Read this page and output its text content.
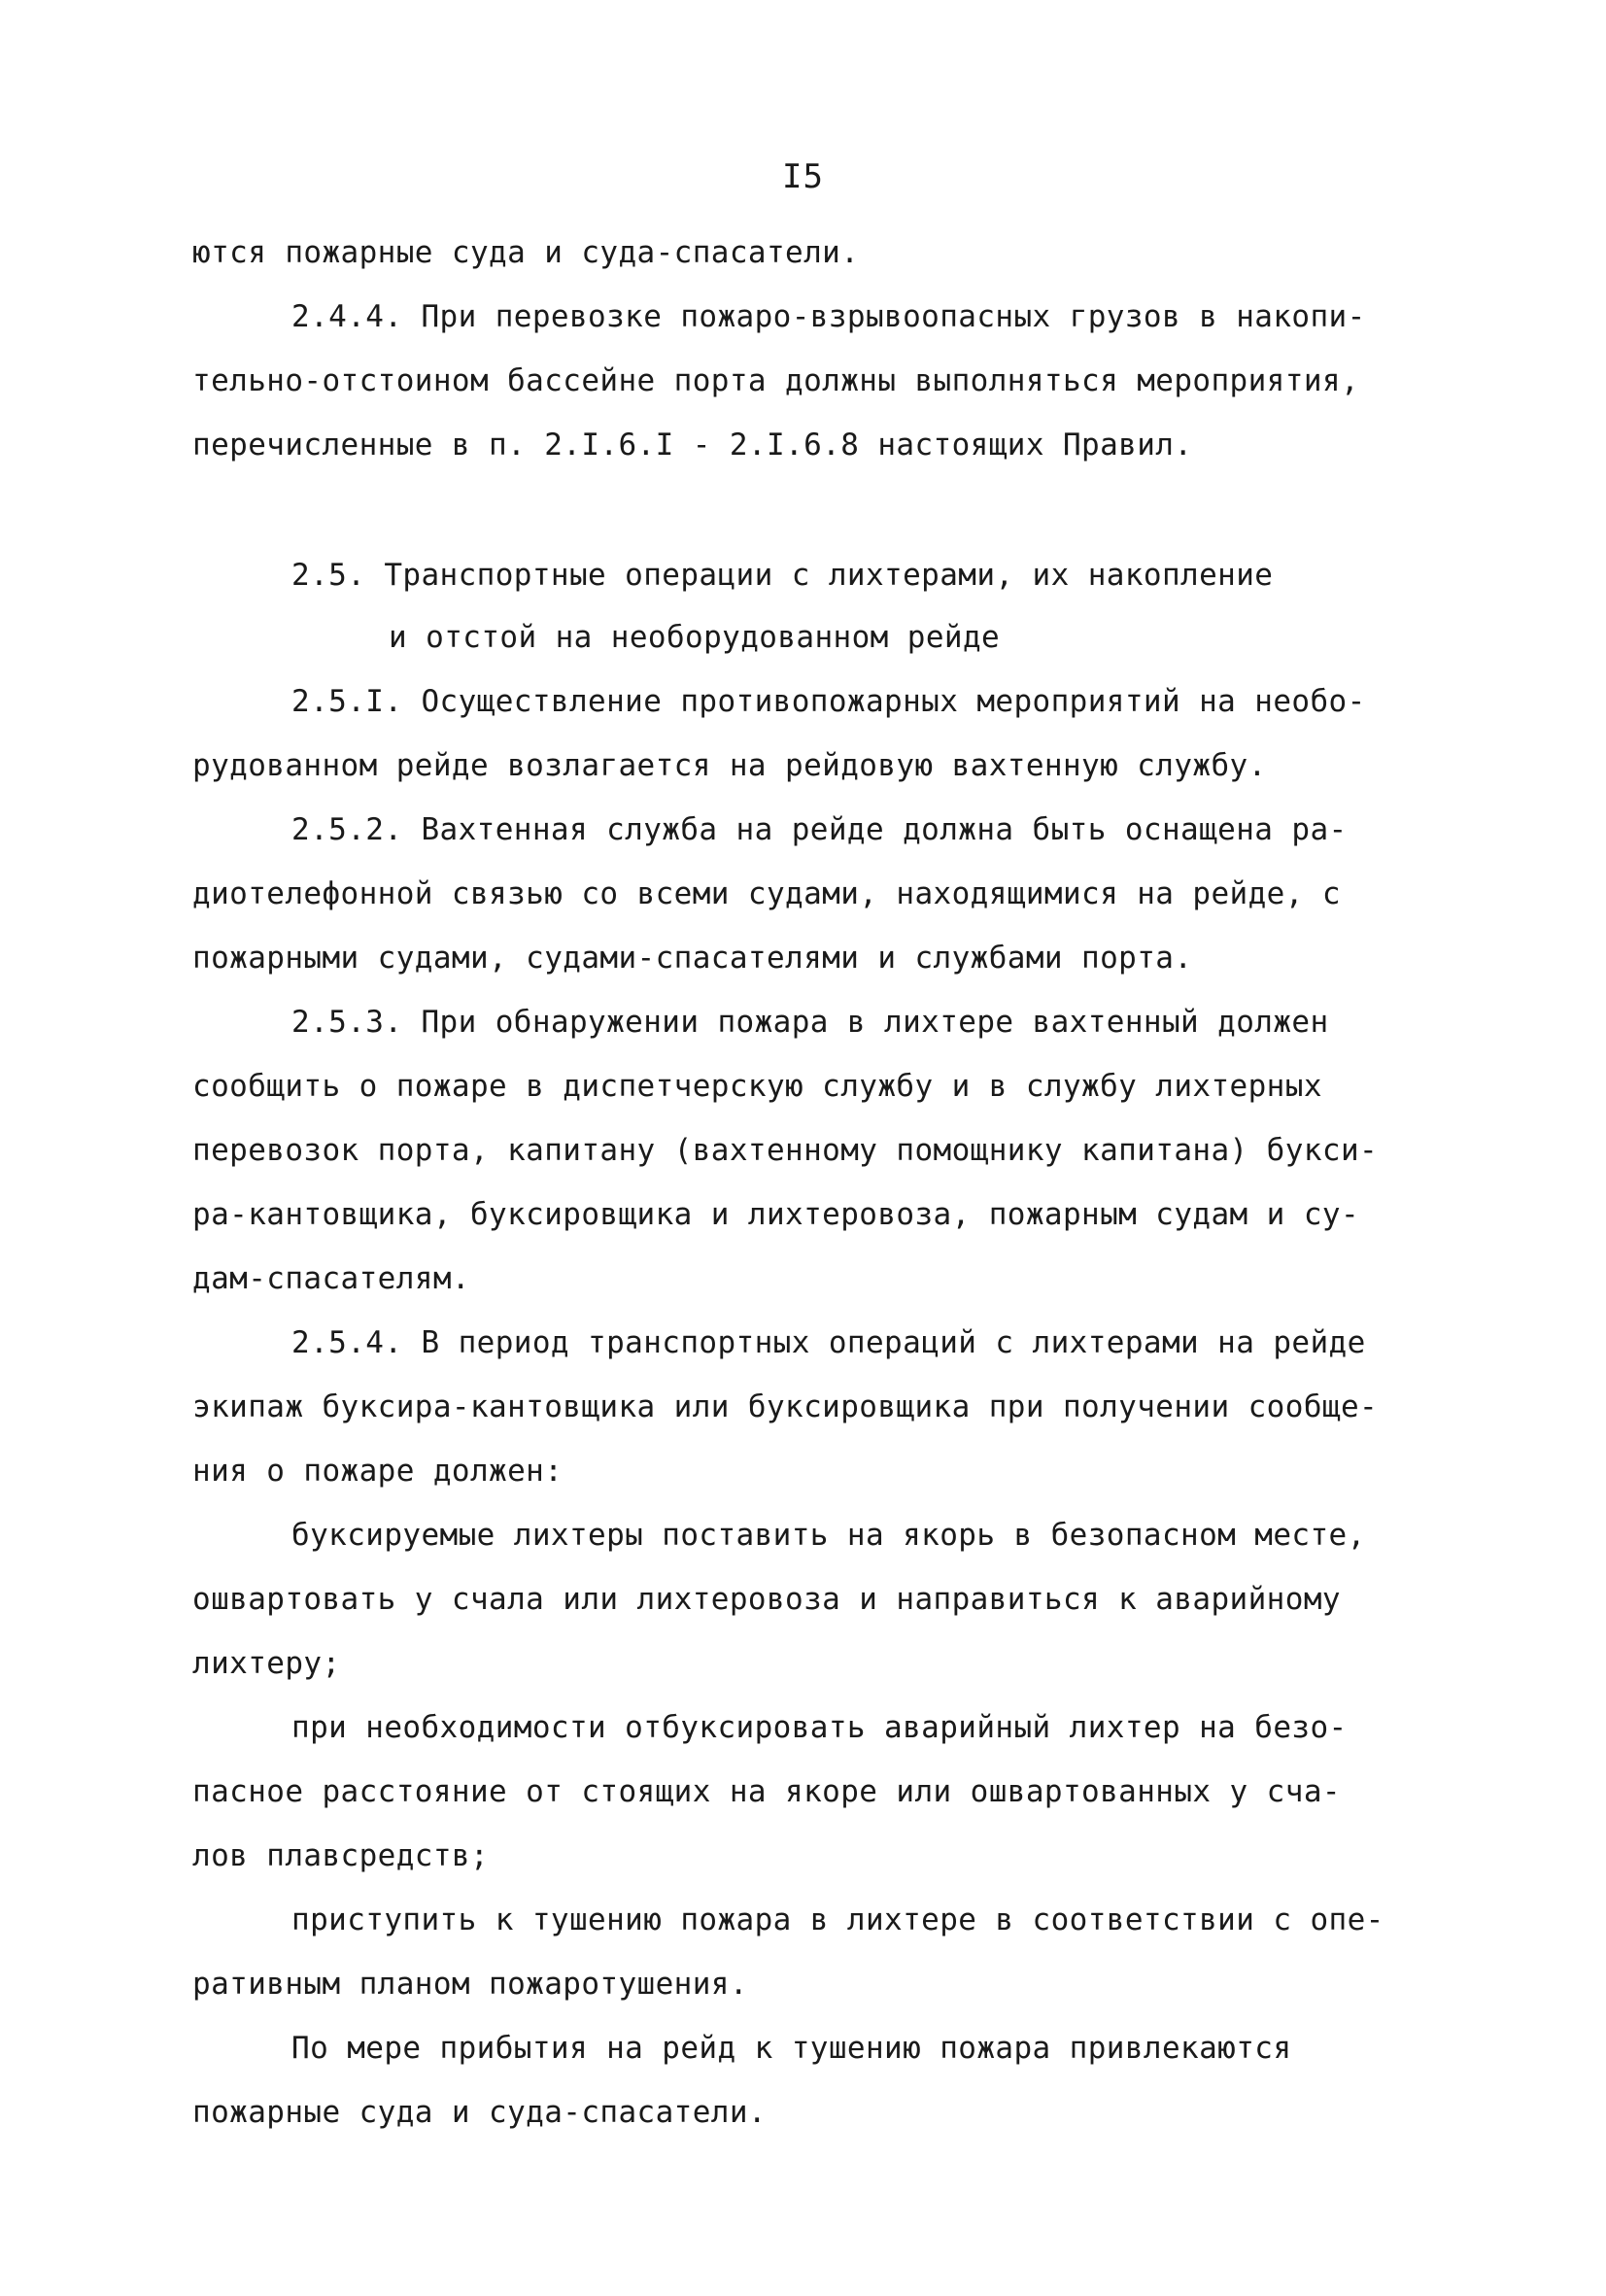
I5
ются пожарные суда и суда-спасатели.
2.4.4. При перевозке пожаро-взрывоопасных грузов в накопи-
тельно-отстоином бассейне порта должны выполняться мероприятия,
перечисленные в п. 2.I.6.I - 2.I.6.8 настоящих Правил.
2.5. Транспортные операции с лихтерами, их накопление
и отстой на необорудованном рейде
2.5.I. Осуществление противопожарных мероприятий на необо-
рудованном рейде возлагается на рейдовую вахтенную службу.
2.5.2. Вахтенная служба на рейде должна быть оснащена ра-
диотелефонной связью со всеми судами, находящимися на рейде, с
пожарными судами, судами-спасателями и службами порта.
2.5.3. При обнаружении пожара в лихтере вахтенный должен
сообщить о пожаре в диспетчерскую службу и в службу лихтерных
перевозок порта, капитану (вахтенному помощнику капитана) букси-
ра-кантовщика, буксировщика и лихтеровоза, пожарным судам и су-
дам-спасателям.
2.5.4. В период транспортных операций с лихтерами на рейде
экипаж буксира-кантовщика или буксировщика при получении сообще-
ния о пожаре должен:
буксируемые лихтеры поставить на якорь в безопасном месте,
ошвартовать у счала или лихтеровоза и направиться к аварийному
лихтеру;
при необходимости отбуксировать аварийный лихтер на безо-
пасное расстояние от стоящих на якоре или ошвартованных у сча-
лов плавсредств;
приступить к тушению пожара в лихтере в соответствии с опе-
ративным планом пожаротушения.
По мере прибытия на рейд к тушению пожара привлекаются
пожарные суда и суда-спасатели.
